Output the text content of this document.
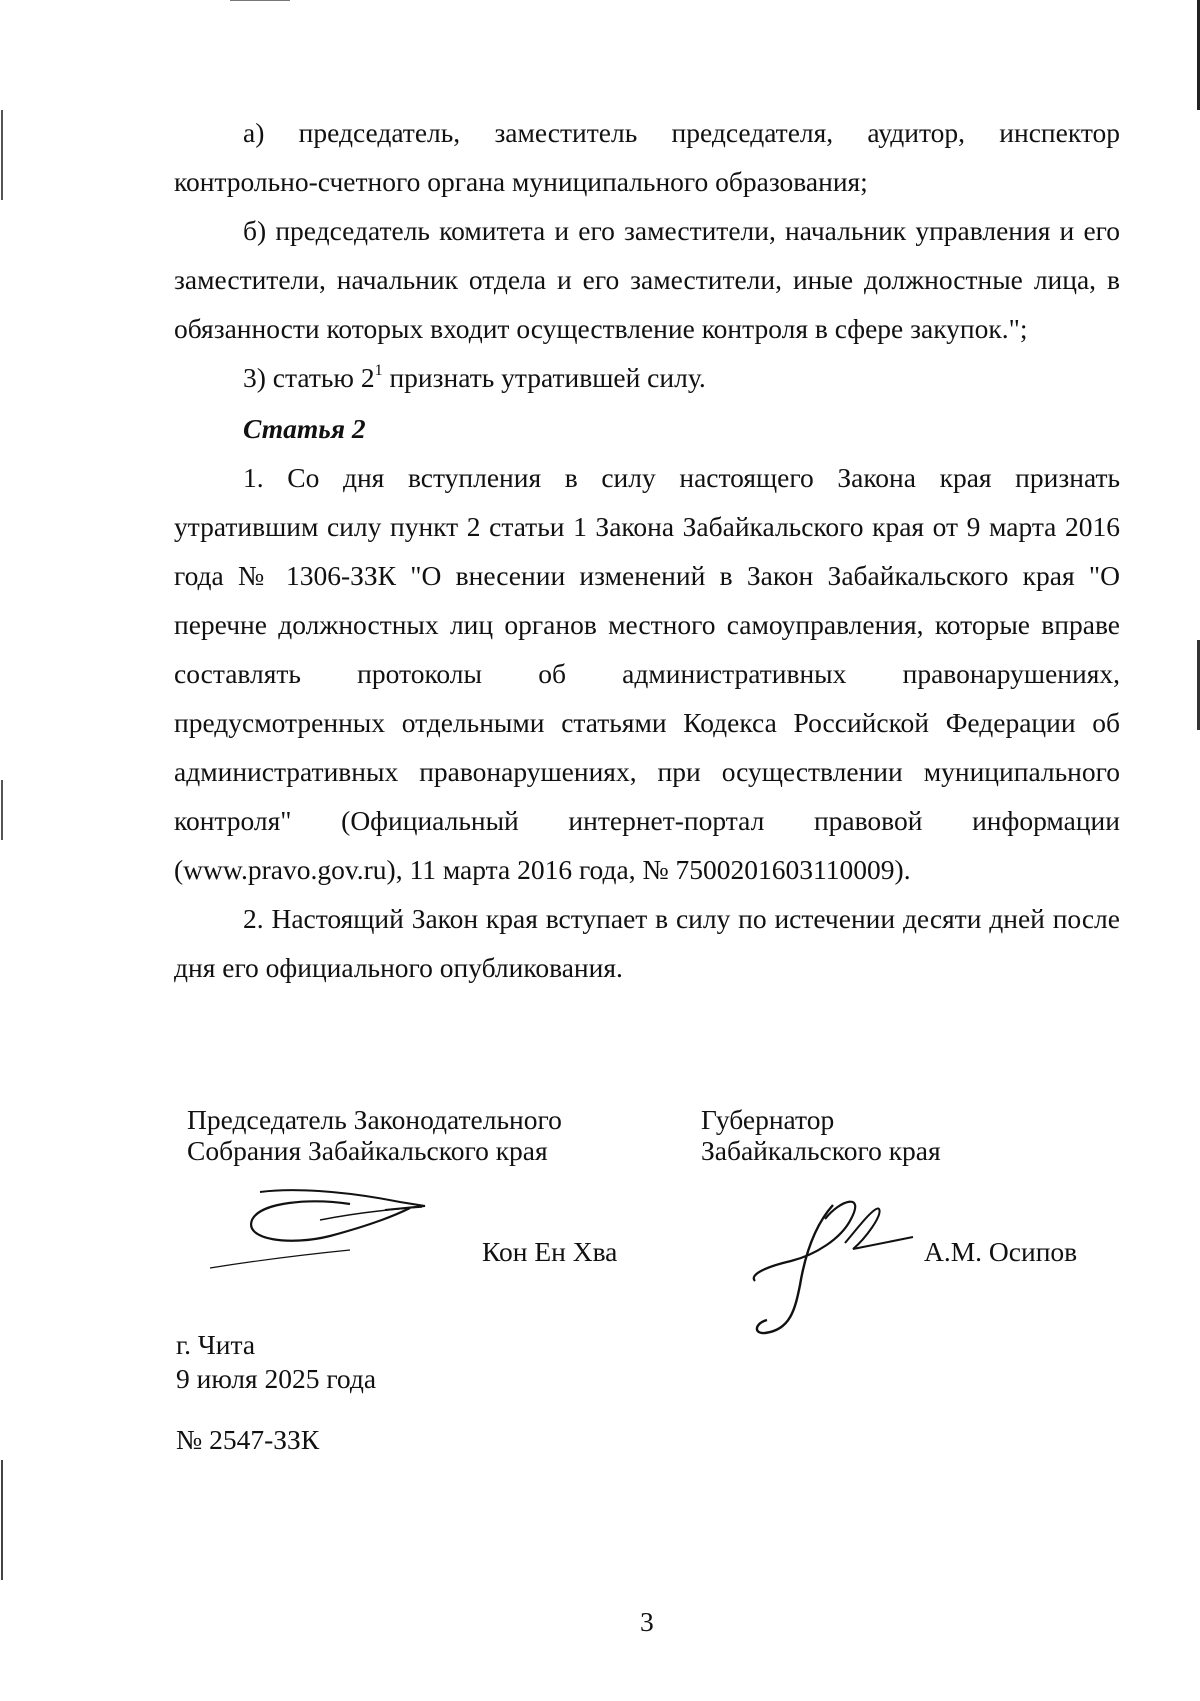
а) председатель, заместитель председателя, аудитор, инспектор контрольно-счетного органа муниципального образования;

б) председатель комитета и его заместители, начальник управления и его заместители, начальник отдела и его заместители, иные должностные лица, в обязанности которых входит осуществление контроля в сфере закупок.";

3) статью $2^1$ признать утратившей силу.

Статья 2

1. Со дня вступления в силу настоящего Закона края признать утратившим силу пункт 2 статьи 1 Закона Забайкальского края от 9 марта 2016 года № 1306-ЗЗК "О внесении изменений в Закон Забайкальского края "О перечне должностных лиц органов местного самоуправления, которые вправе составлять протоколы об административных правонарушениях, предусмотренных отдельными статьями Кодекса Российской Федерации об административных правонарушениях, при осуществлении муниципального контроля" (Официальный интернет-портал правовой информации (www.pravo.gov.ru), 11 марта 2016 года, № 7500201603110009).

2. Настоящий Закон края вступает в силу по истечении десяти дней после дня его официального опубликования.

Председатель Законодательного
Собрания Забайкальского края
Губернатор
Забайкальского края
Кон Ен Хва	А.М. Осипов
г. Чита
9 июля 2025 года
№ 2547-ЗЗК
3
